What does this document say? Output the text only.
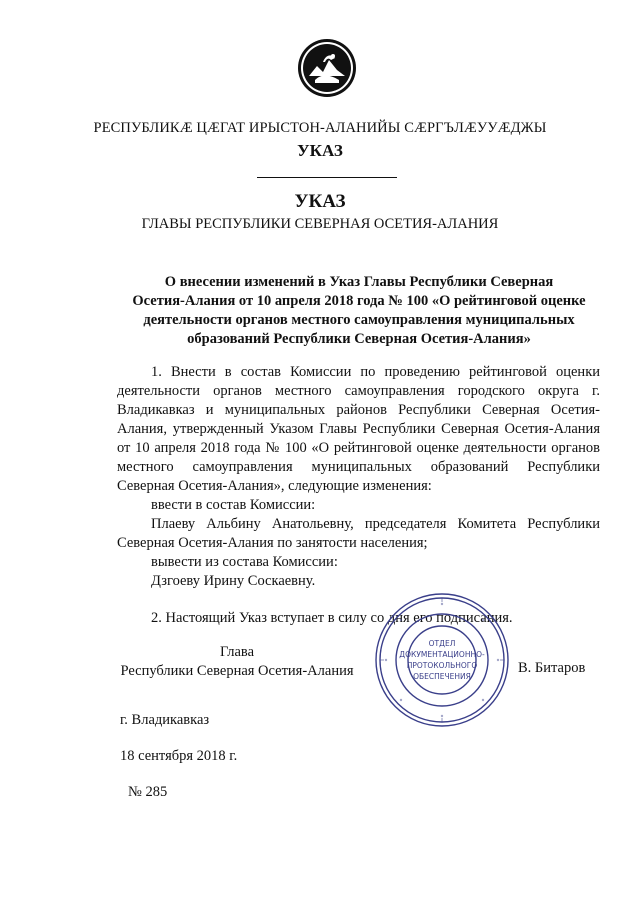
РЕСПУБЛИКӔ ЦӔГАТ ИРЫСТОН-АЛАНИЙЫ СӔРГЪЛӔУУӔДЖЫ
УКАЗ
УКАЗ
ГЛАВЫ РЕСПУБЛИКИ СЕВЕРНАЯ ОСЕТИЯ-АЛАНИЯ
О внесении изменений в Указ Главы Республики Северная
Осетия-Алания от 10 апреля 2018 года № 100 «О рейтинговой оценке
деятельности органов местного самоуправления муниципальных
образований Республики Северная Осетия-Алания»

1. Внести в состав Комиссии по проведению рейтинговой оценки деятельности органов местного самоуправления городского округа г. Владикавказ и муниципальных районов Республики Северная Осетия-Алания, утвержденный Указом Главы Республики Северная Осетия-Алания от 10 апреля 2018 года № 100 «О рейтинговой оценке деятельности органов местного самоуправления муниципальных образований Республики Северная Осетия-Алания», следующие изменения:

ввести в состав Комиссии:

Плаеву Альбину Анатольевну, председателя Комитета Республики Северная Осетия-Алания по занятости населения;

вывести из состава Комиссии:

Дзгоеву Ирину Соскаевну.

2. Настоящий Указ вступает в силу со дня его подписания.

Глава
Республики Северная Осетия-Алания
ОТДЕЛ
ДОКУМЕНТАЦИОННО-
ПРОТОКОЛЬНОГО
ОБЕСПЕЧЕНИЯ
В. Битаров
г. Владикавказ
18 сентября 2018 г.
№ 285
